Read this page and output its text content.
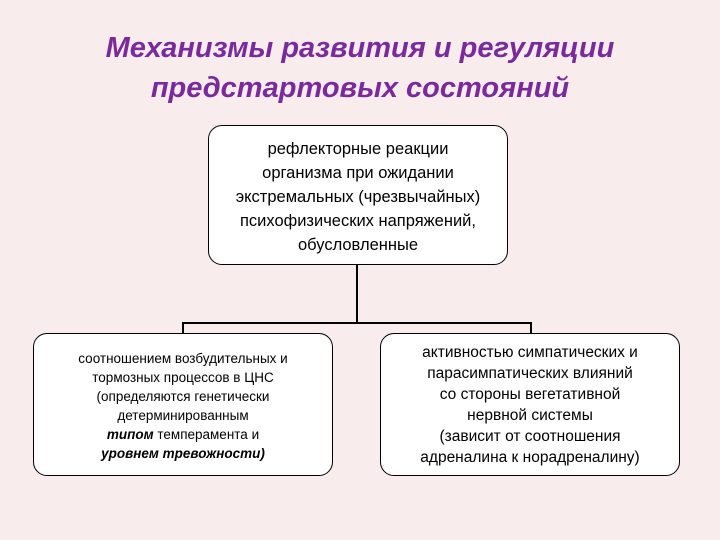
Механизмы развития и регуляции
предстартовых состояний
рефлекторные реакции
организма при ожидании
экстремальных (чрезвычайных)
психофизических напряжений,
обусловленные
соотношением возбудительных и
тормозных процессов в ЦНС
(определяются генетически
детерминированным
типом темперамента и
уровнем тревожности)
активностью симпатических и
парасимпатических влияний
со стороны вегетативной
нервной системы
(зависит от соотношения
адреналина к норадреналину)
